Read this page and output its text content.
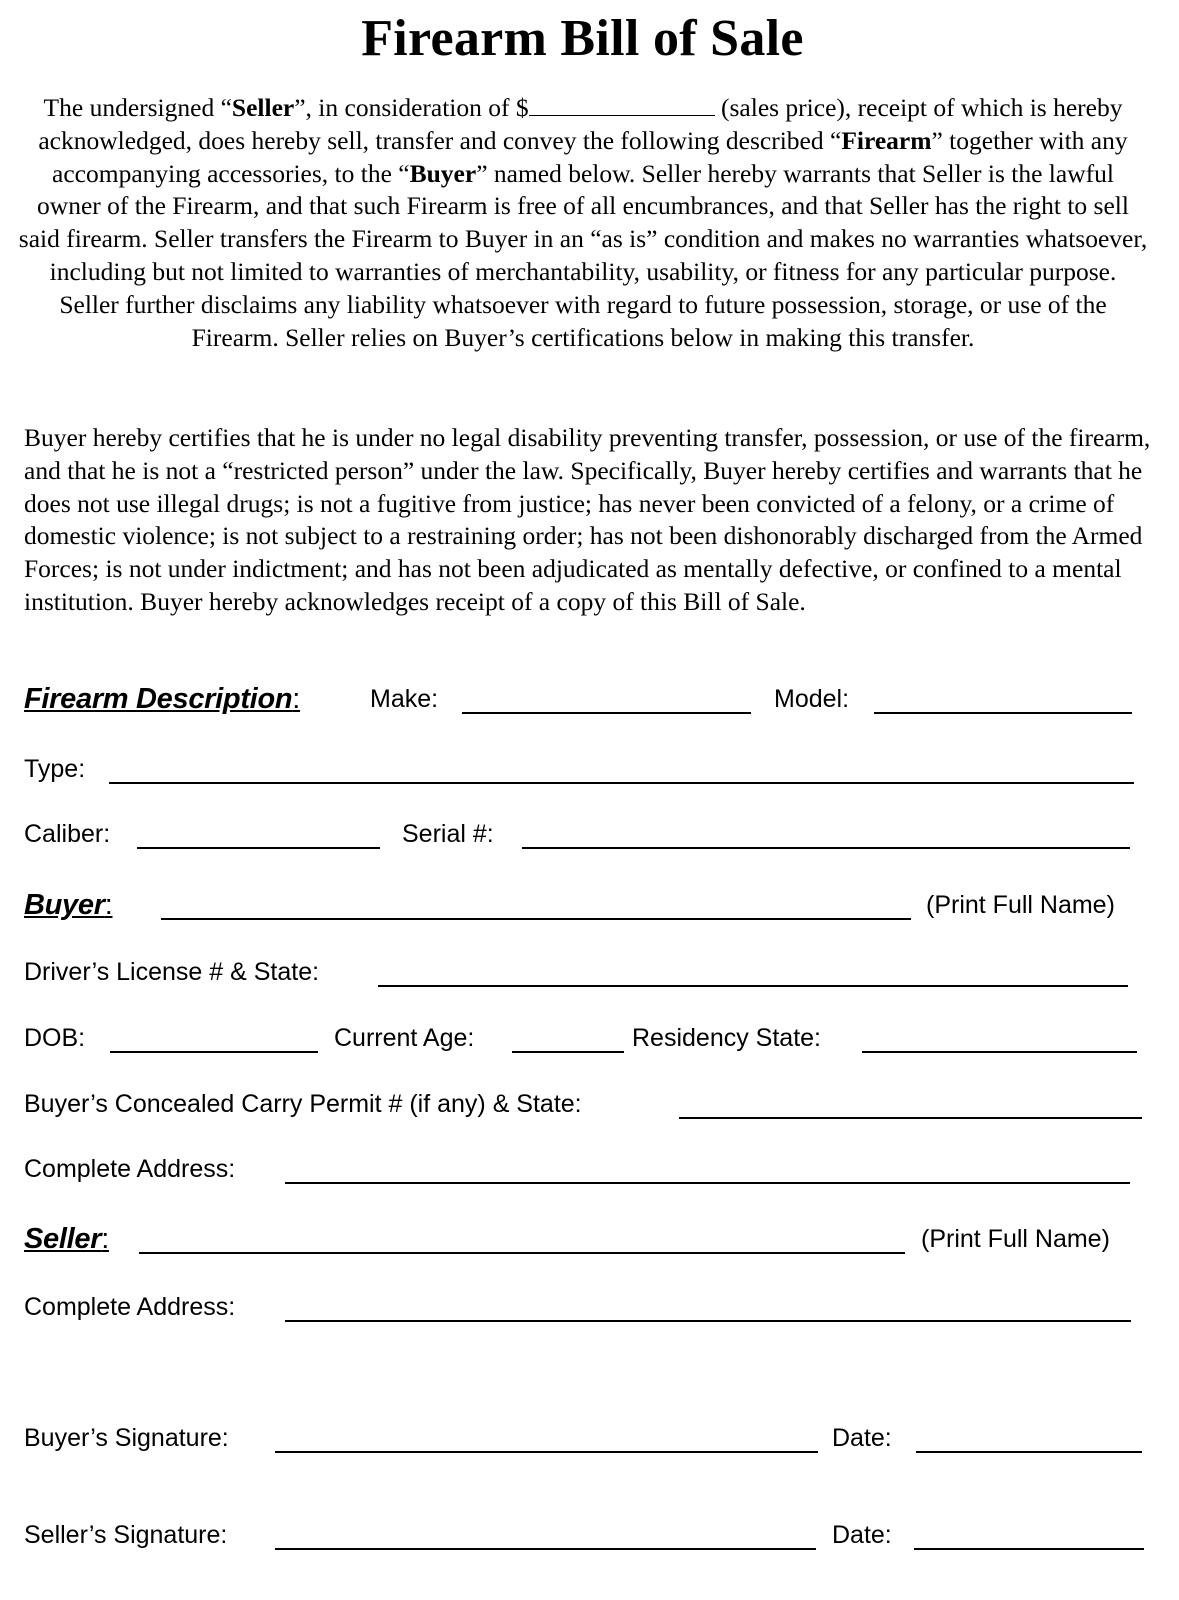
Firearm Bill of Sale
The undersigned “Seller”, in consideration of $	(sales price), receipt of which is hereby acknowledged, does hereby sell, transfer and convey the following described “Firearm” together with any accompanying accessories, to the “Buyer” named below. Seller hereby warrants that Seller is the lawful owner of the Firearm, and that such Firearm is free of all encumbrances, and that Seller has the right to sell said firearm. Seller transfers the Firearm to Buyer in an “as is” condition and makes no warranties whatsoever, including but not limited to warranties of merchantability, usability, or fitness for any particular purpose. Seller further disclaims any liability whatsoever with regard to future possession, storage, or use of the Firearm. Seller relies on Buyer’s certifications below in making this transfer.
Buyer hereby certifies that he is under no legal disability preventing transfer, possession, or use of the firearm, and that he is not a “restricted person” under the law. Specifically, Buyer hereby certifies and warrants that he does not use illegal drugs; is not a fugitive from justice; has never been convicted of a felony, or a crime of domestic violence; is not subject to a restraining order; has not been dishonorably discharged from the Armed Forces; is not under indictment; and has not been adjudicated as mentally defective, or confined to a mental institution. Buyer hereby acknowledges receipt of a copy of this Bill of Sale.
Firearm Description:	Make:	Model:
Type:
Caliber:	Serial #:
Buyer:	(Print Full Name)
Driver’s License # & State:
DOB:	Current Age:	Residency State:
Buyer’s Concealed Carry Permit # (if any) & State:
Complete Address:
Seller:	(Print Full Name)
Complete Address:
Buyer’s Signature:	Date:
Seller’s Signature:	Date:
